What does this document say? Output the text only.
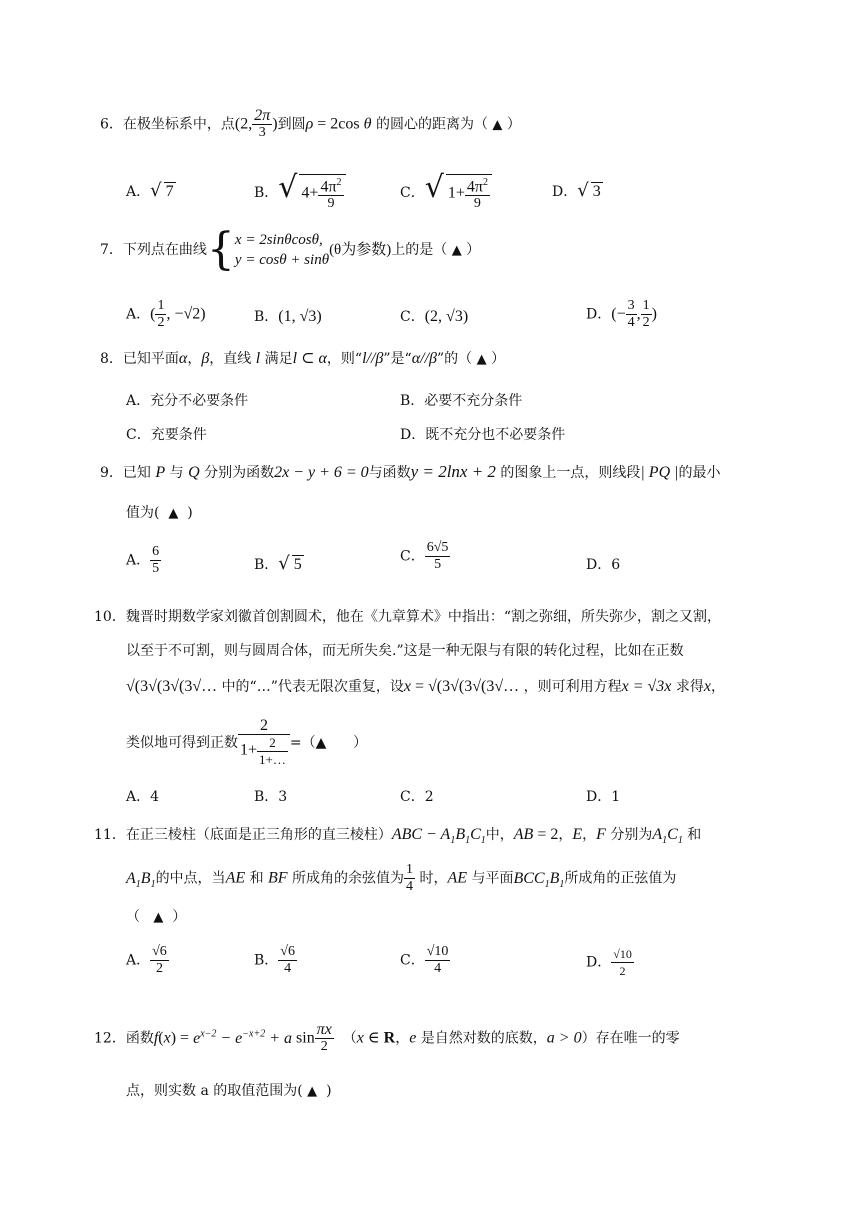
6．在极坐标系中，点(2, $\frac{2\pi}{3}$ )到圆ρ = 2cos θ 的圆心的距离为（ ▲ ）
A．√ 7	B．√ $4+ \frac{4\pi^2}{9}$	C．√ $1+ \frac{4\pi^2}{9}$	D．√ 3
7．下列点在曲线{ x = 2sinθcosθ,
y = cosθ + sinθ
(θ为参数)上的是（ ▲ ）
A．( $\frac{1}{2}$ , −√2)	B．(1, √3)	C．(2, √3)	D．(− $\frac{3}{4}$ , $\frac{1}{2}$ )
8．已知平面α，β，直线 l 满足l ⊂ α，则“l//β”是“α//β”的（ ▲ ）
A．充分不必要条件	B．必要不充分条件
C．充要条件	D．既不充分也不必要条件
9．已知 P 与 Q 分别为函数2x − y + 6 = 0与函数y = 2lnx + 2 的图象上一点，则线段| PQ |的最小
值为( ▲ )
A． $\frac{6}{5}$	B．√ 5	C． $\frac{6√5}{5}$	D．6
10．魏晋时期数学家刘徽首创割圆术，他在《九章算术》中指出：“割之弥细，所失弥少，割之又割，
以至于不可割，则与圆周合体，而无所失矣.”这是一种无限与有限的转化过程，比如在正数
√(3√(3√(3√… 中的“…”代表无限次重复，设x = √(3√(3√(3√… ，则可利用方程x = √3x 求得x，
类似地可得到正数 $\frac{2}{1+ \frac{2}{1+\dots}}$ =（▲ ）
A．4	B．3	C．2	D．1
11．在正三棱柱（底面是正三角形的直三棱柱）$ABC - A_1B_1C_1$中，AB = 2，E，F 分别为$A_1C_1$ 和
$A_1B_1$的中点，当AE 和 BF 所成角的余弦值为 $\frac{1}{4}$ 时，AE 与平面$BCC_1B_1$所成角的正弦值为
（ ▲ ）
A． $\frac{√6}{2}$	B． $\frac{√6}{4}$	C． $\frac{√10}{4}$	D． $\frac{√10}{2}$
12．函数$f(x) = e^{x-2} - e^{-x+2} + a$ $\sin \frac{\pi x}{2} (x$ ∈ R，e 是自然对数的底数，a > 0）存在唯一的零
点，则实数 a 的取值范围为( ▲ )
